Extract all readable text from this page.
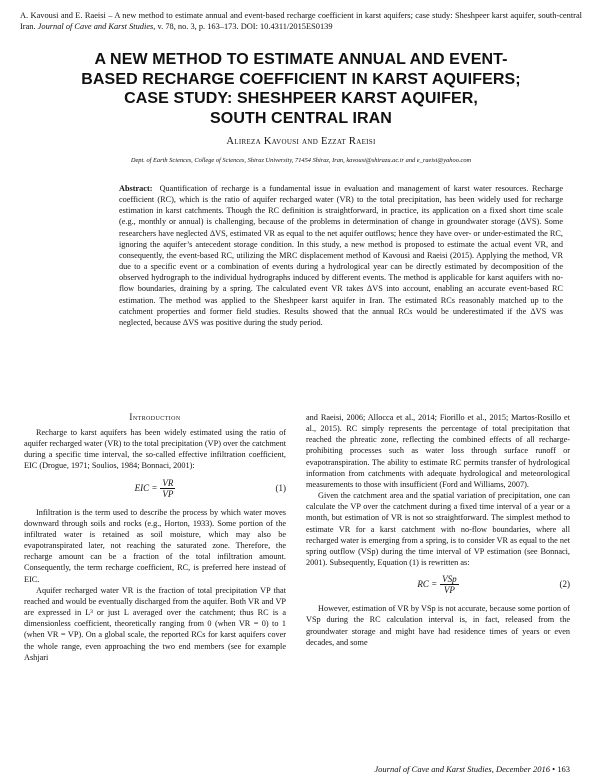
A. Kavousi and E. Raeisi – A new method to estimate annual and event-based recharge coefficient in karst aquifers; case study: Sheshpeer karst aquifer, south-central Iran. Journal of Cave and Karst Studies, v. 78, no. 3, p. 163–173. DOI: 10.4311/2015ES0139
A NEW METHOD TO ESTIMATE ANNUAL AND EVENT-
BASED RECHARGE COEFFICIENT IN KARST AQUIFERS;
CASE STUDY: SHESHPEER KARST AQUIFER,
SOUTH CENTRAL IRAN
Alireza Kavousi and Ezzat Raeisi
Dept. of Earth Sciences, College of Sciences, Shiraz University, 71454 Shiraz, Iran, kavousi@shirazu.ac.ir and e_raeisi@yahoo.com
Abstract: Quantification of recharge is a fundamental issue in evaluation and management of karst water resources. Recharge coefficient (RC), which is the ratio of aquifer recharged water (VR) to the total precipitation, has been widely used for recharge estimation in karst catchments. Though the RC definition is straightforward, in practice, its application on a fixed short time scale (e.g., monthly or annual) is challenging, because of the problems in determination of change in groundwater storage (ΔVS). Some researchers have neglected ΔVS, estimated VR as equal to the net aquifer outflows; hence they have over- or under-estimated the RC, ignoring the aquifer’s antecedent storage condition. In this study, a new method is proposed to estimate the actual event VR, and consequently, the event-based RC, utilizing the MRC displacement method of Kavousi and Raeisi (2015). Applying the method, VR due to a specific event or a combination of events during a hydrological year can be directly estimated by decomposition of the observed hydrograph to the individual hydrographs induced by different events. The method is applicable for karst aquifers with no-flow boundaries, draining by a spring. The calculated event VR takes ΔVS into account, enabling an accurate event-based RC estimation. The method was applied to the Sheshpeer karst aquifer in Iran. The estimated RCs reasonably matched up to the catchment properties and former field studies. Results showed that the annual RCs would be underestimated if the ΔVS was neglected, because ΔVS was positive during the study period.
Introduction

Recharge to karst aquifers has been widely estimated using the ratio of aquifer recharged water (VR) to the total precipitation (VP) over the catchment during a specific time interval, the so-called effective infiltration coefficient, EIC (Drogue, 1971; Soulios, 1984; Bonnaci, 2001):

EIC = $\frac{VR}{VP}$	(1)

Infiltration is the term used to describe the process by which water moves downward through soils and rocks (e.g., Horton, 1933). Some portion of the infiltrated water is retained as soil moisture, which may also be evapotranspirated later, not reaching the saturated zone. Therefore, the recharge amount can be a fraction of the total infiltration amount. Consequently, the term recharge coefficient, RC, is preferred here instead of EIC.

Aquifer recharged water VR is the fraction of total precipitation VP that reached and would be eventually discharged from the aquifer. Both VR and VP are expressed in L³ or just L averaged over the catchment; thus RC is a dimensionless coefficient, theoretically ranging from 0 (when VR = 0) to 1 (when VR = VP). On a global scale, the reported RCs for karst aquifers cover the whole range, even approaching the two end members (see for example Ashjari

and Raeisi, 2006; Allocca et al., 2014; Fiorillo et al., 2015; Martos-Rosillo et al., 2015). RC simply represents the percentage of total precipitation that reached the phreatic zone, reflecting the combined effects of all recharge-prohibiting processes such as water loss through surface runoff or evapotranspiration. The ability to estimate RC permits transfer of hydrological information from catchments with adequate hydrological and meteorological measurements to those with insufficient (Ford and Williams, 2007).

Given the catchment area and the spatial variation of precipitation, one can calculate the VP over the catchment during a fixed time interval of a year or a month, but estimation of VR is not so straightforward. The simplest method to estimate VR for a karst catchment with no-flow boundaries, where all recharged water is emerging from a spring, is to consider VR as equal to the net spring outflow (VSp) during the time interval of VP estimation (see Bonnaci, 2001). Subsequently, Equation (1) is rewritten as:

RC = $\frac{\text{VSp}}{VP}$	(2)

However, estimation of VR by VSp is not accurate, because some portion of VSp during the RC calculation interval is, in fact, released from the groundwater storage and might have had residence times of years or even decades, and some

Journal of Cave and Karst Studies, December 2016 • 163
